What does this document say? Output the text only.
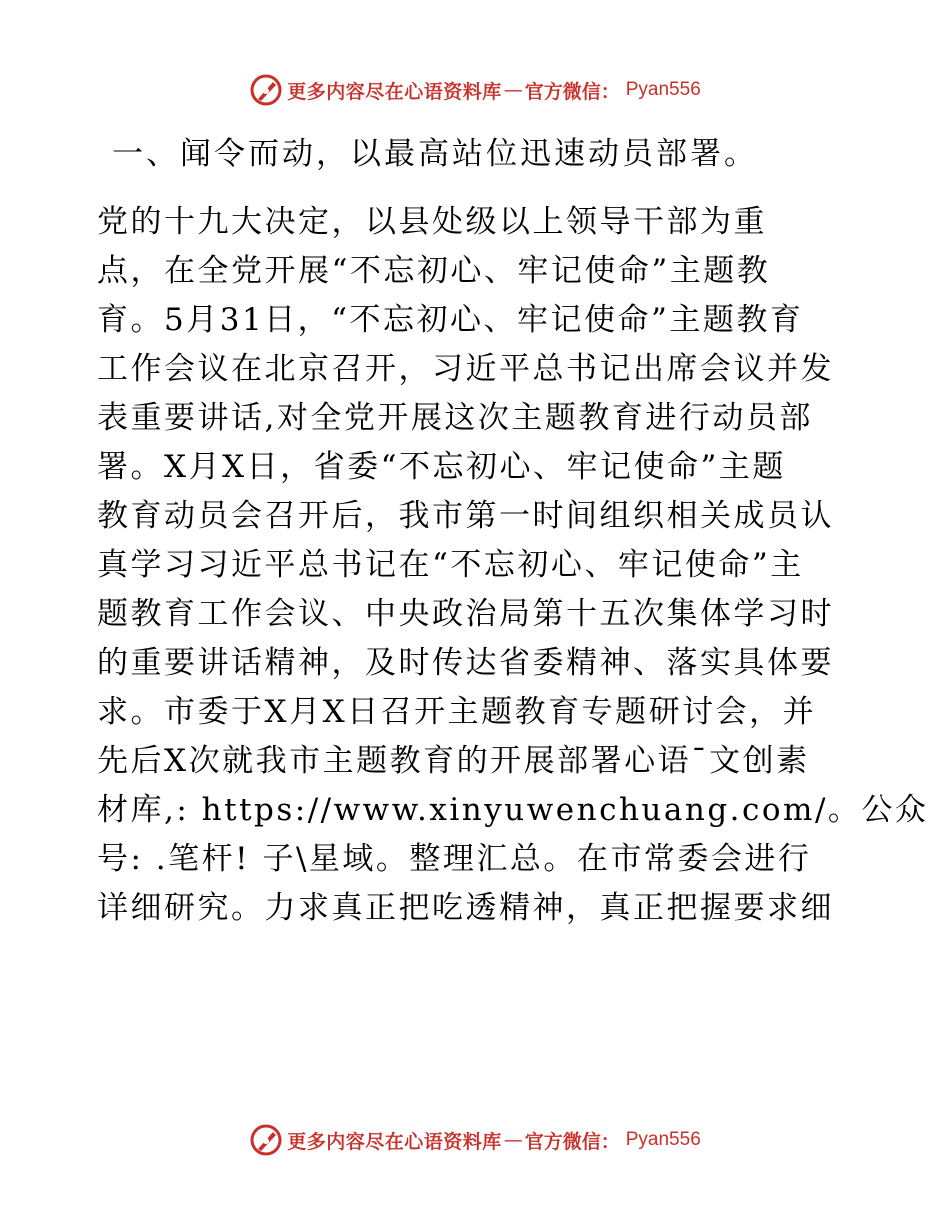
更多内容尽在心语资料库 — 官方微信： Pyan556
一、闻令而动，以最高站位迅速动员部署。
党的十九大决定，以县处级以上领导干部为重
点，在全党开展“不忘初心、牢记使命”主题教
育。5月31日，“不忘初心、牢记使命”主题教育
工作会议在北京召开，习近平总书记出席会议并发
表重要讲话,对全党开展这次主题教育进行动员部
署。X月X日，省委“不忘初心、牢记使命”主题
教育动员会召开后，我市第一时间组织相关成员认
真学习习近平总书记在“不忘初心、牢记使命”主
题教育工作会议、中央政治局第十五次集体学习时
的重要讲话精神，及时传达省委精神、落实具体要
求。市委于X月X日召开主题教育专题研讨会，并
先后X次就我市主题教育的开展部署心语¯文创素
材库,: https://www.xinyuwenchuang.com/。公众
号: .笔杆! 子\星域。整理汇总。在市常委会进行
详细研究。力求真正把吃透精神，真正把握要求细
更多内容尽在心语资料库 — 官方微信： Pyan556
